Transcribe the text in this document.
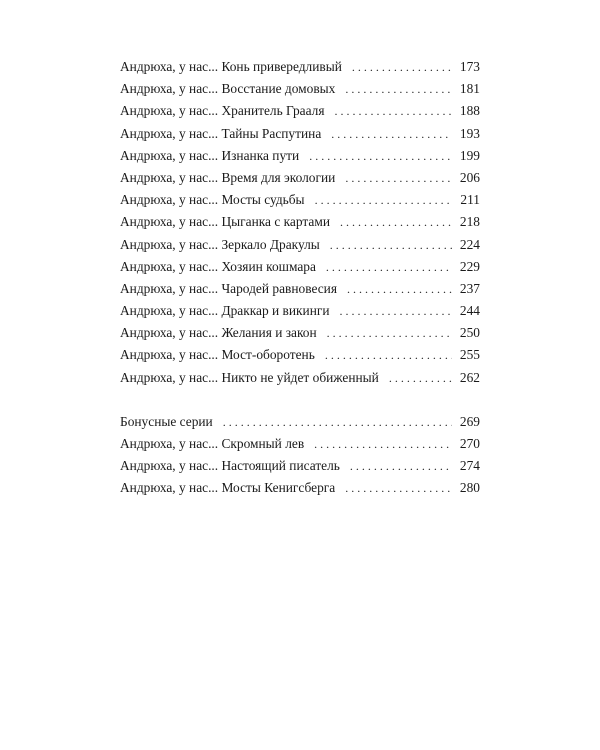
Андрюха, у нас... Конь привередливый . . .	173
Андрюха, у нас... Восстание домовых . . .	181
Андрюха, у нас... Хранитель Грааля . . .	188
Андрюха, у нас... Тайны Распутина . . .	193
Андрюха, у нас... Изнанка пути . . .	199
Андрюха, у нас... Время для экологии . . .	206
Андрюха, у нас... Мосты судьбы . . .	211
Андрюха, у нас... Цыганка с картами . . .	218
Андрюха, у нас... Зеркало Дракулы . . .	224
Андрюха, у нас... Хозяин кошмара . . .	229
Андрюха, у нас... Чародей равновесия . . .	237
Андрюха, у нас... Драккар и викинги . . .	244
Андрюха, у нас... Желания и закон . . .	250
Андрюха, у нас... Мост-оборотень . . .	255
Андрюха, у нас... Никто не уйдет обиженный . . .	262
Бонусные серии . . .	269
Андрюха, у нас... Скромный лев . . .	270
Андрюха, у нас... Настоящий писатель . . .	274
Андрюха, у нас... Мосты Кенигсберга . . .	280
